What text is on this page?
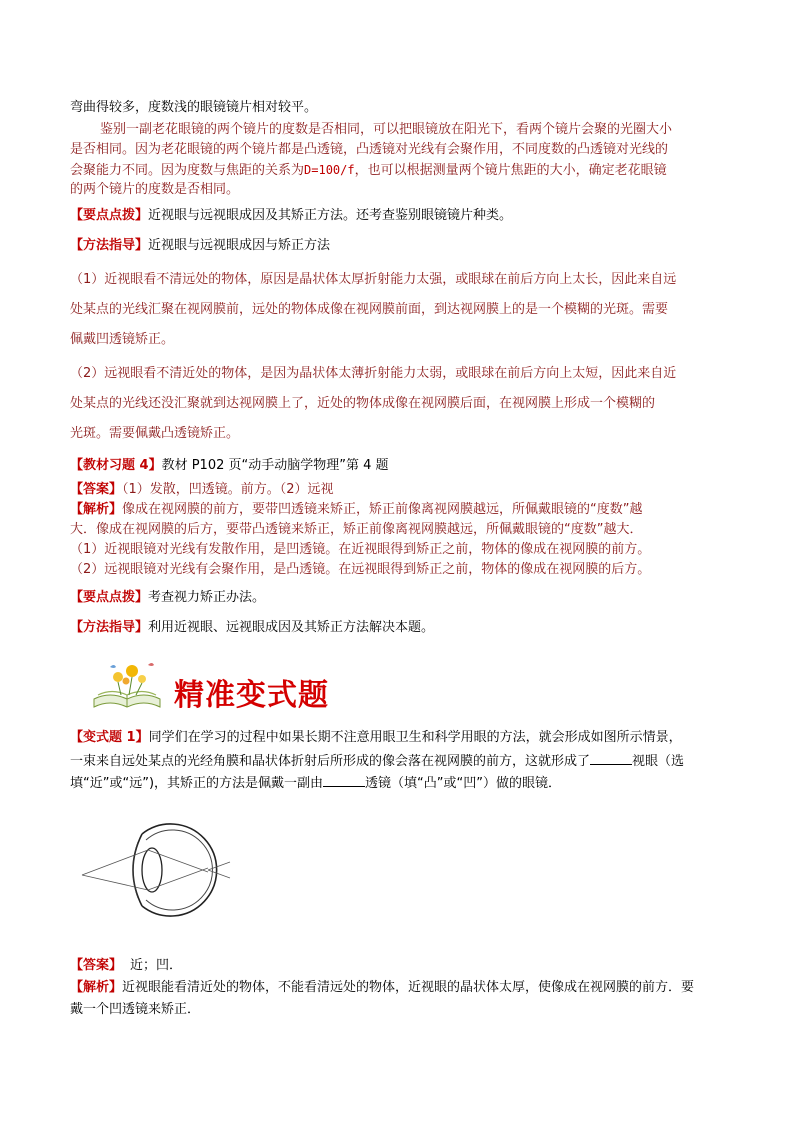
弯曲得较多，度数浅的眼镜镜片相对较平。
鉴别一副老花眼镜的两个镜片的度数是否相同，可以把眼镜放在阳光下，看两个镜片会聚的光圈大小
是否相同。因为老花眼镜的两个镜片都是凸透镜，凸透镜对光线有会聚作用，不同度数的凸透镜对光线的
会聚能力不同。因为度数与焦距的关系为D=100/f，也可以根据测量两个镜片焦距的大小，确定老花眼镜
的两个镜片的度数是否相同。
【要点点拨】近视眼与远视眼成因及其矫正方法。还考查鉴别眼镜镜片种类。
【方法指导】近视眼与远视眼成因与矫正方法
（1）近视眼看不清远处的物体，原因是晶状体太厚折射能力太强，或眼球在前后方向上太长，因此来自远
处某点的光线汇聚在视网膜前，远处的物体成像在视网膜前面，到达视网膜上的是一个模糊的光斑。需要
佩戴凹透镜矫正。
（2）远视眼看不清近处的物体，是因为晶状体太薄折射能力太弱，或眼球在前后方向上太短，因此来自近
处某点的光线还没汇聚就到达视网膜上了，近处的物体成像在视网膜后面，在视网膜上形成一个模糊的
光斑。需要佩戴凸透镜矫正。
【教材习题 4】教材 P102 页“动手动脑学物理”第 4 题
【答案】（1）发散，凹透镜。前方。（2）远视
【解析】像成在视网膜的前方，要带凹透镜来矫正，矫正前像离视网膜越远，所佩戴眼镜的“度数”越
大．像成在视网膜的后方，要带凸透镜来矫正，矫正前像离视网膜越远，所佩戴眼镜的“度数”越大．
（1）近视眼镜对光线有发散作用，是凹透镜。在近视眼得到矫正之前，物体的像成在视网膜的前方。
（2）远视眼镜对光线有会聚作用，是凸透镜。在远视眼得到矫正之前，物体的像成在视网膜的后方。
【要点点拨】考查视力矫正办法。
【方法指导】利用近视眼、远视眼成因及其矫正方法解决本题。
【变式题 1】同学们在学习的过程中如果长期不注意用眼卫生和科学用眼的方法，就会形成如图所示情景，
一束来自远处某点的光经角膜和晶状体折射后所形成的像会落在视网膜的前方，这就形成了	视眼（选
填“近”或“远”)，其矫正的方法是佩戴一副由	透镜（填“凸”或“凹”）做的眼镜．
【答案】 近；凹．
【解析】近视眼能看清近处的物体，不能看清远处的物体，近视眼的晶状体太厚，使像成在视网膜的前方．要
戴一个凹透镜来矫正．
精准变式题
